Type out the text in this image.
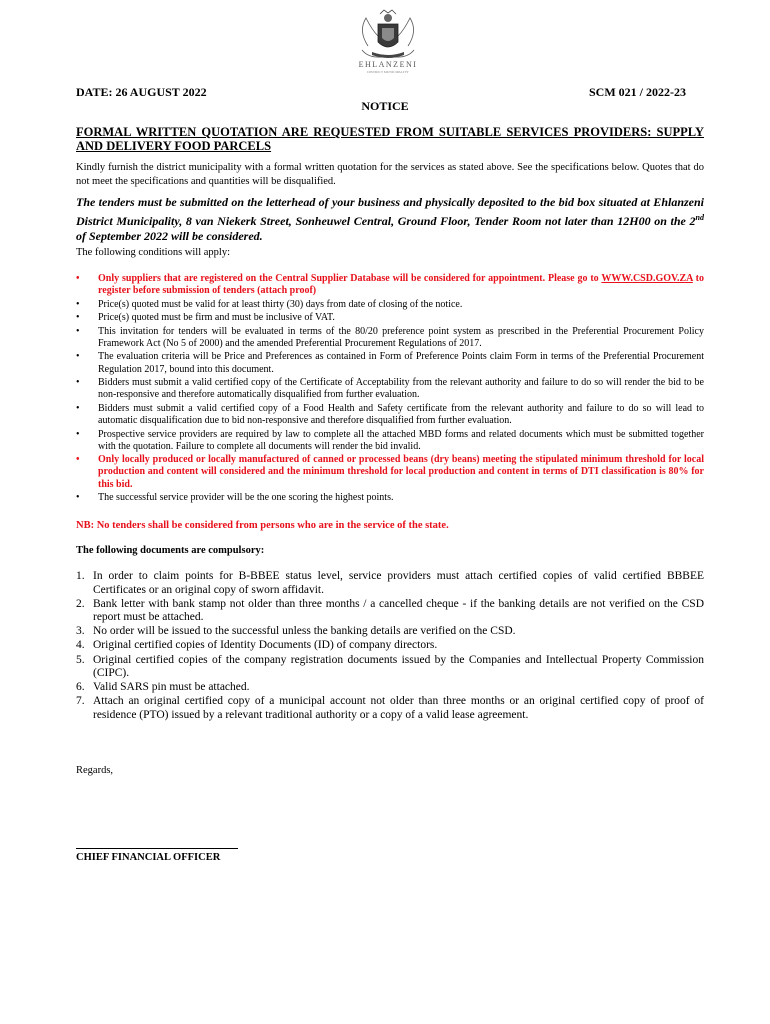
EHLANZENI
DISTRICT MUNICIPALITY
DATE: 26 AUGUST 2022	SCM 021 / 2022-23
NOTICE
FORMAL WRITTEN QUOTATION ARE REQUESTED FROM SUITABLE SERVICES PROVIDERS: SUPPLY AND DELIVERY FOOD PARCELS
Kindly furnish the district municipality with a formal written quotation for the services as stated above. See the specifications below. Quotes that do not meet the specifications and quantities will be disqualified.
The tenders must be submitted on the letterhead of your business and physically deposited to the bid box situated at Ehlanzeni District Municipality, 8 van Niekerk Street, Sonheuwel Central, Ground Floor, Tender Room not later than 12H00 on the 2nd of September 2022 will be considered.
The following conditions will apply:
• Only suppliers that are registered on the Central Supplier Database will be considered for appointment. Please go to WWW.CSD.GOV.ZA to register before submission of tenders (attach proof)
• Price(s) quoted must be valid for at least thirty (30) days from date of closing of the notice.
• Price(s) quoted must be firm and must be inclusive of VAT.
• This invitation for tenders will be evaluated in terms of the 80/20 preference point system as prescribed in the Preferential Procurement Policy Framework Act (No 5 of 2000) and the amended Preferential Procurement Regulations of 2017.
• The evaluation criteria will be Price and Preferences as contained in Form of Preference Points claim Form in terms of the Preferential Procurement Regulation 2017, bound into this document.
• Bidders must submit a valid certified copy of the Certificate of Acceptability from the relevant authority and failure to do so will render the bid to be non-responsive and therefore automatically disqualified from further evaluation.
• Bidders must submit a valid certified copy of a Food Health and Safety certificate from the relevant authority and failure to do so will lead to automatic disqualification due to bid non-responsive and therefore disqualified from further evaluation.
• Prospective service providers are required by law to complete all the attached MBD forms and related documents which must be submitted together with the quotation. Failure to complete all documents will render the bid invalid.
• Only locally produced or locally manufactured of canned or processed beans (dry beans) meeting the stipulated minimum threshold for local production and content will considered and the minimum threshold for local production and content in terms of DTI classification is 80% for this bid.
• The successful service provider will be the one scoring the highest points.
NB: No tenders shall be considered from persons who are in the service of the state.
The following documents are compulsory:
1. In order to claim points for B-BBEE status level, service providers must attach certified copies of valid certified BBBEE Certificates or an original copy of sworn affidavit.
2. Bank letter with bank stamp not older than three months / a cancelled cheque - if the banking details are not verified on the CSD report must be attached.
3. No order will be issued to the successful unless the banking details are verified on the CSD.
4. Original certified copies of Identity Documents (ID) of company directors.
5. Original certified copies of the company registration documents issued by the Companies and Intellectual Property Commission (CIPC).
6. Valid SARS pin must be attached.
7. Attach an original certified copy of a municipal account not older than three months or an original certified copy of proof of residence (PTO) issued by a relevant traditional authority or a copy of a valid lease agreement.
Regards,
CHIEF FINANCIAL OFFICER
